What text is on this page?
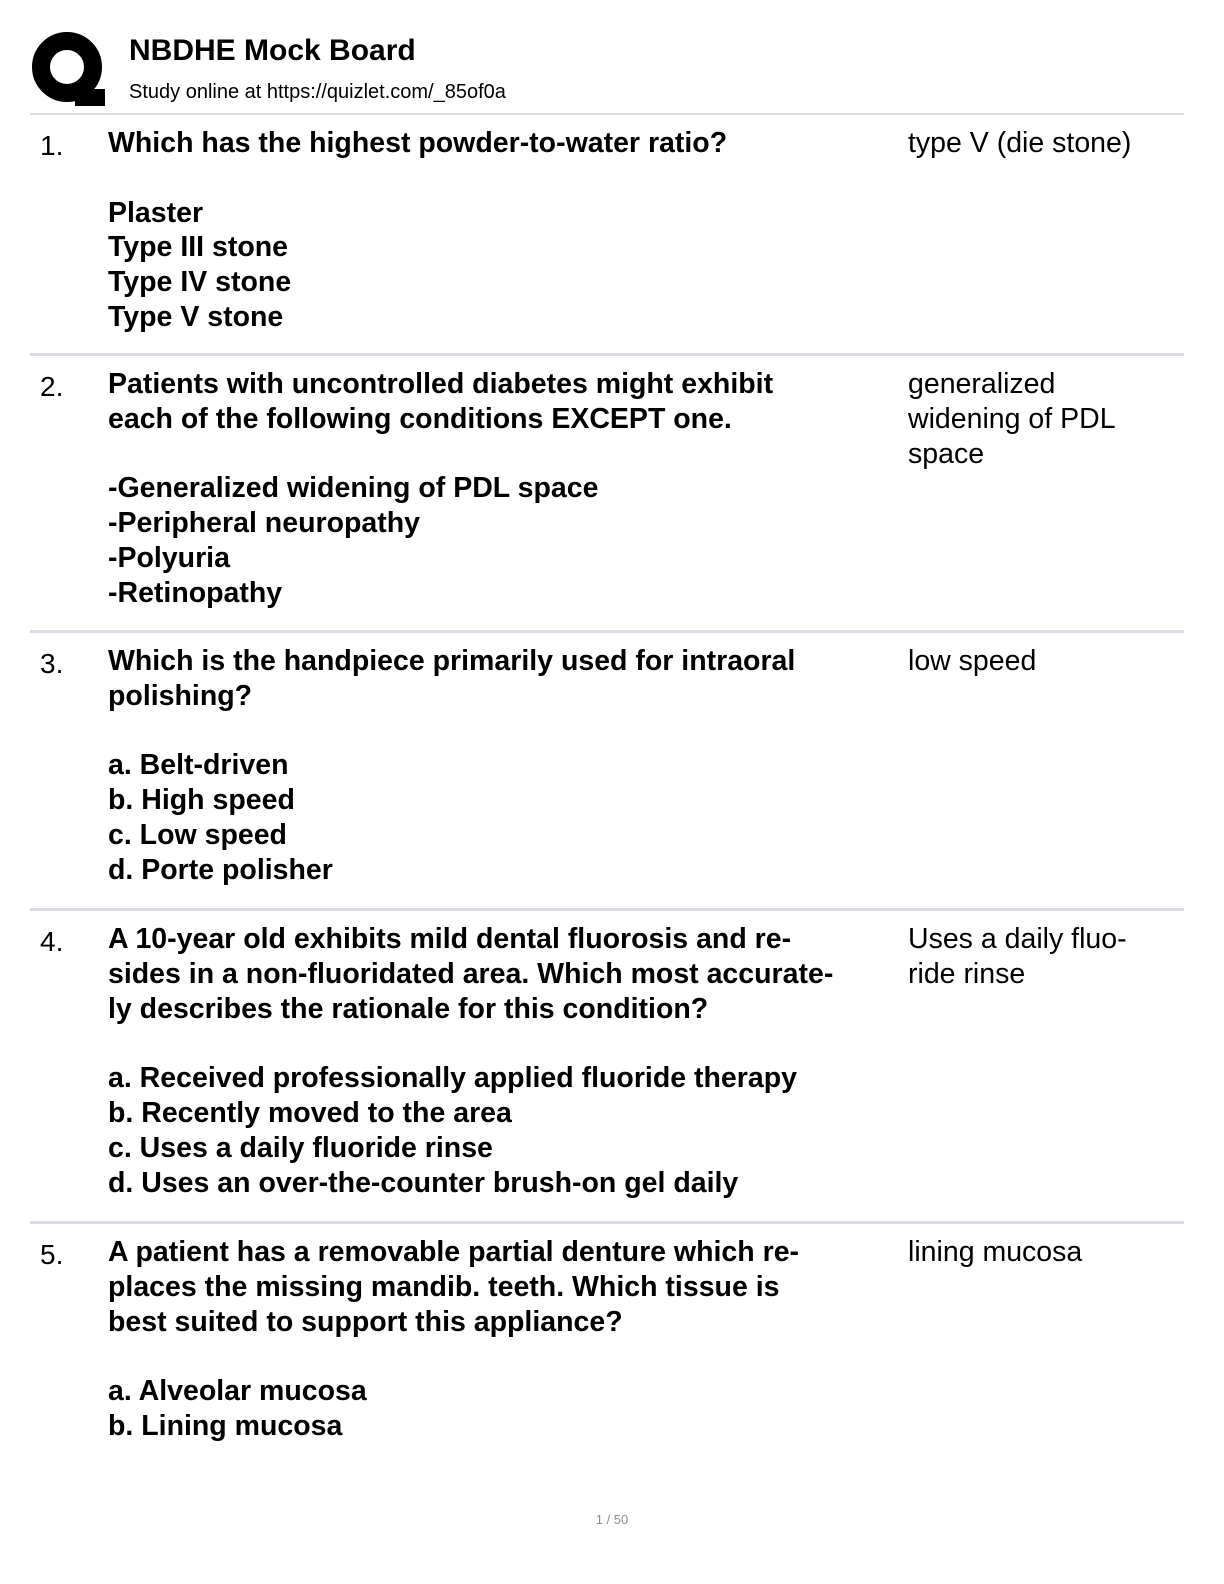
NBDHE Mock Board
Study online at https://quizlet.com/_85of0a
1. Which has the highest powder-to-water ratio?

Plaster

Type III stone

Type IV stone

Type V stone

type V (die stone)

2. Patients with uncontrolled diabetes might exhibit

each of the following conditions EXCEPT one.

-Generalized widening of PDL space

-Peripheral neuropathy

-Polyuria

-Retinopathy

generalized

widening of PDL

space

3. Which is the handpiece primarily used for intraoral

polishing?

a. Belt-driven

b. High speed

c. Low speed

d. Porte polisher

low speed

4. A 10-year old exhibits mild dental fluorosis and re-

sides in a non-fluoridated area. Which most accurate-

ly describes the rationale for this condition?

a. Received professionally applied fluoride therapy

b. Recently moved to the area

c. Uses a daily fluoride rinse

d. Uses an over-the-counter brush-on gel daily

Uses a daily fluo-

ride rinse

5. A patient has a removable partial denture which re-

places the missing mandib. teeth. Which tissue is

best suited to support this appliance?

a. Alveolar mucosa

b. Lining mucosa

lining mucosa

1 / 50
